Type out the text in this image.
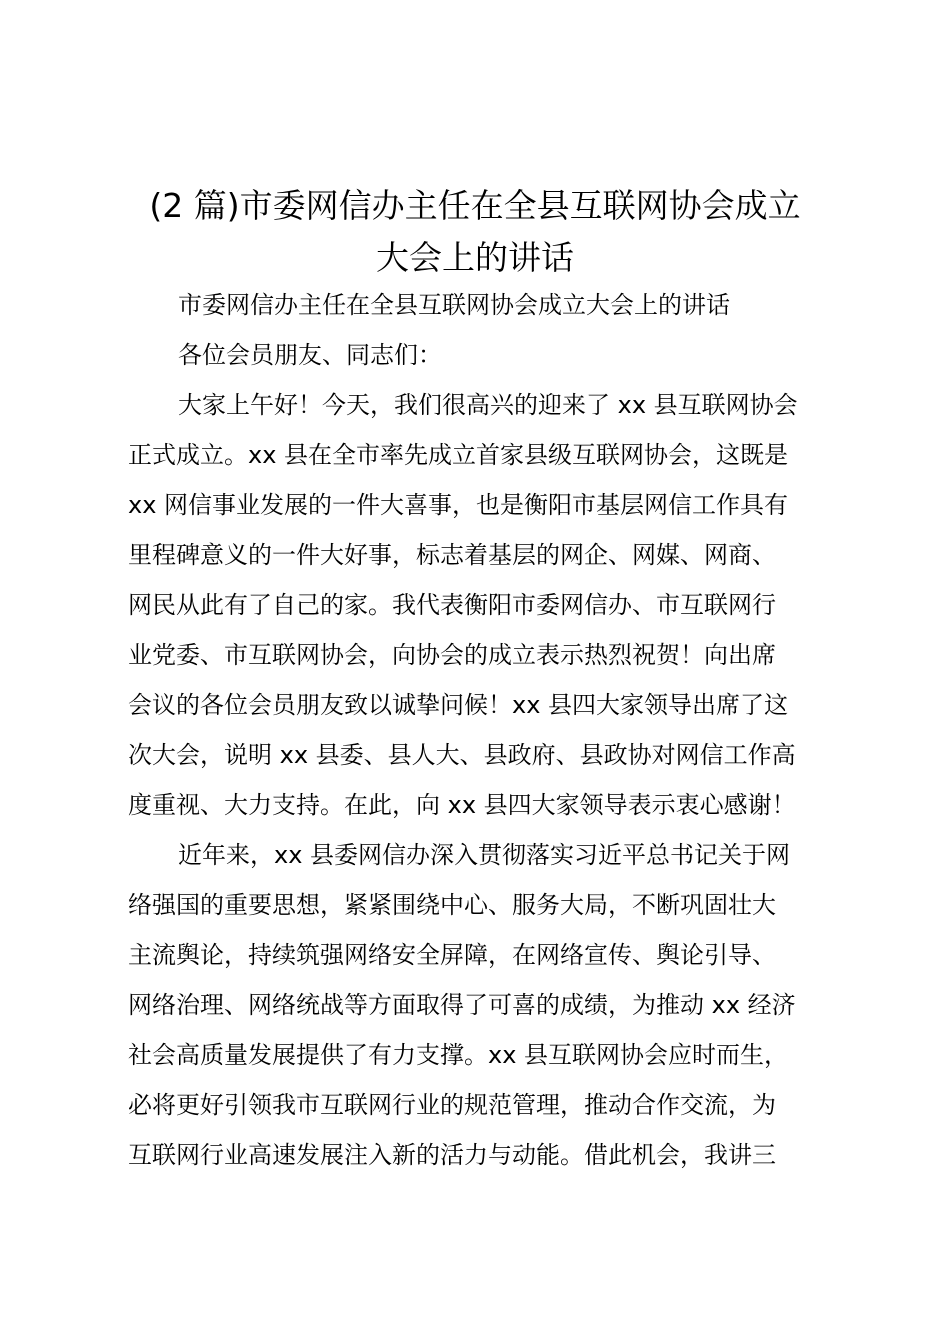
(2 篇)市委网信办主任在全县互联网协会成立
大会上的讲话

市委网信办主任在全县互联网协会成立大会上的讲话

各位会员朋友、同志们：

大家上午好！今天，我们很高兴的迎来了 xx 县互联网协会

正式成立。xx 县在全市率先成立首家县级互联网协会，这既是

xx 网信事业发展的一件大喜事，也是衡阳市基层网信工作具有

里程碑意义的一件大好事，标志着基层的网企、网媒、网商、

网民从此有了自己的家。我代表衡阳市委网信办、市互联网行

业党委、市互联网协会，向协会的成立表示热烈祝贺！向出席

会议的各位会员朋友致以诚挚问候！xx 县四大家领导出席了这

次大会，说明 xx 县委、县人大、县政府、县政协对网信工作高

度重视、大力支持。在此，向 xx 县四大家领导表示衷心感谢！

近年来，xx 县委网信办深入贯彻落实习近平总书记关于网

络强国的重要思想，紧紧围绕中心、服务大局，不断巩固壮大

主流舆论，持续筑强网络安全屏障，在网络宣传、舆论引导、

网络治理、网络统战等方面取得了可喜的成绩，为推动 xx 经济

社会高质量发展提供了有力支撑。xx 县互联网协会应时而生，

必将更好引领我市互联网行业的规范管理，推动合作交流，为

互联网行业高速发展注入新的活力与动能。借此机会，我讲三
